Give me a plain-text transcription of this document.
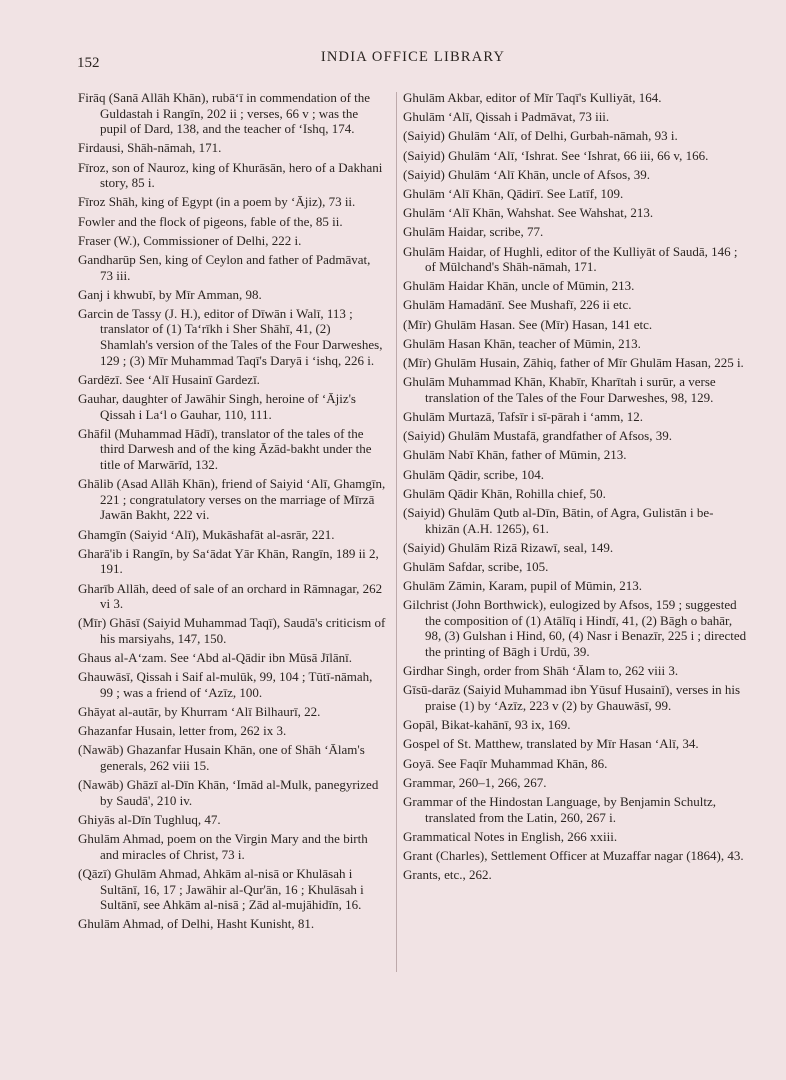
152	INDIA OFFICE LIBRARY

Firāq (Sanā Allāh Khān), rubā‘ī in commendation of the Guldastah i Rangīn, 202 ii ; verses, 66 v ; was the pupil of Dard, 138, and the teacher of ‘Ishq, 174.

Firdausi, Shāh-nāmah, 171.

Fīroz, son of Nauroz, king of Khurāsān, hero of a Dakhani story, 85 i.

Fīroz Shāh, king of Egypt (in a poem by ‘Ājiz), 73 ii.

Fowler and the flock of pigeons, fable of the, 85 ii.

Fraser (W.), Commissioner of Delhi, 222 i.

Gandharūp Sen, king of Ceylon and father of Padmāvat, 73 iii.

Ganj i khwubī, by Mīr Amman, 98.

Garcin de Tassy (J. H.), editor of Dīwān i Walī, 113 ; translator of (1) Ta‘rīkh i Sher Shāhī, 41, (2) Shamlah's version of the Tales of the Four Darweshes, 129 ; (3) Mīr Muhammad Taqī's Daryā i ‘ishq, 226 i.

Gardēzī. See ‘Alī Husainī Gardezī.

Gauhar, daughter of Jawāhir Singh, heroine of ‘Ājiz's Qissah i La‘l o Gauhar, 110, 111.

Ghāfil (Muhammad Hādī), translator of the tales of the third Darwesh and of the king Āzād-bakht under the title of Marwārīd, 132.

Ghālib (Asad Allāh Khān), friend of Saiyid ‘Alī, Ghamgīn, 221 ; congratulatory verses on the marriage of Mīrzā Jawān Bakht, 222 vi.

Ghamgīn (Saiyid ‘Alī), Mukāshafāt al-asrār, 221.

Gharā'ib i Rangīn, by Sa‘ādat Yār Khān, Rangīn, 189 ii 2, 191.

Gharīb Allāh, deed of sale of an orchard in Rāmnagar, 262 vi 3.

(Mīr) Ghāsī (Saiyid Muhammad Taqī), Saudā's criticism of his marsiyahs, 147, 150.

Ghaus al-A‘zam. See ‘Abd al-Qādir ibn Mūsā Jīlānī.

Ghauwāsī, Qissah i Saif al-mulūk, 99, 104 ; Tūtī-nāmah, 99 ; was a friend of ‘Azīz, 100.

Ghāyat al-autār, by Khurram ‘Alī Bilhaurī, 22.

Ghazanfar Husain, letter from, 262 ix 3.

(Nawāb) Ghazanfar Husain Khān, one of Shāh ‘Ālam's generals, 262 viii 15.

(Nawāb) Ghāzī al-Dīn Khān, ‘Imād al-Mulk, panegyrized by Saudā', 210 iv.

Ghiyās al-Dīn Tughluq, 47.

Ghulām Ahmad, poem on the Virgin Mary and the birth and miracles of Christ, 73 i.

(Qāzī) Ghulām Ahmad, Ahkām al-nisā or Khulāsah i Sultānī, 16, 17 ; Jawāhir al-Qur'ān, 16 ; Khulāsah i Sultānī, see Ahkām al-nisā ; Zād al-mujāhidīn, 16.

Ghulām Ahmad, of Delhi, Hasht Kunisht, 81.

Ghulām Akbar, editor of Mīr Taqī's Kulliyāt, 164.

Ghulām ‘Alī, Qissah i Padmāvat, 73 iii.

(Saiyid) Ghulām ‘Alī, of Delhi, Gurbah-nāmah, 93 i.

(Saiyid) Ghulām ‘Alī, ‘Ishrat. See ‘Ishrat, 66 iii, 66 v, 166.

(Saiyid) Ghulām ‘Alī Khān, uncle of Afsos, 39.

Ghulām ‘Alī Khān, Qādirī. See Latīf, 109.

Ghulām ‘Alī Khān, Wahshat. See Wahshat, 213.

Ghulām Haidar, scribe, 77.

Ghulām Haidar, of Hughli, editor of the Kulliyāt of Saudā, 146 ; of Mūlchand's Shāh-nāmah, 171.

Ghulām Haidar Khān, uncle of Mūmin, 213.

Ghulām Hamadānī. See Mushafī, 226 ii etc.

(Mīr) Ghulām Hasan. See (Mīr) Hasan, 141 etc.

Ghulām Hasan Khān, teacher of Mūmin, 213.

(Mīr) Ghulām Husain, Zāhiq, father of Mīr Ghulām Hasan, 225 i.

Ghulām Muhammad Khān, Khabīr, Kharītah i surūr, a verse translation of the Tales of the Four Darweshes, 98, 129.

Ghulām Murtazā, Tafsīr i sī-pārah i ‘amm, 12.

(Saiyid) Ghulām Mustafā, grandfather of Afsos, 39.

Ghulām Nabī Khān, father of Mūmin, 213.

Ghulām Qādir, scribe, 104.

Ghulām Qādir Khān, Rohilla chief, 50.

(Saiyid) Ghulām Qutb al-Dīn, Bātin, of Agra, Gulistān i be-khizān (A.H. 1265), 61.

(Saiyid) Ghulām Rizā Rizawī, seal, 149.

Ghulām Safdar, scribe, 105.

Ghulām Zāmin, Karam, pupil of Mūmin, 213.

Gilchrist (John Borthwick), eulogized by Afsos, 159 ; suggested the composition of (1) Atālīq i Hindī, 41, (2) Bāgh o bahār, 98, (3) Gulshan i Hind, 60, (4) Nasr i Benazīr, 225 i ; directed the printing of Bāgh i Urdū, 39.

Girdhar Singh, order from Shāh ‘Ālam to, 262 viii 3.

Gīsū-darāz (Saiyid Muhammad ibn Yūsuf Husainī), verses in his praise (1) by ‘Azīz, 223 v (2) by Ghauwāsī, 99.

Gopāl, Bikat-kahānī, 93 ix, 169.

Gospel of St. Matthew, translated by Mīr Hasan ‘Alī, 34.

Goyā. See Faqīr Muhammad Khān, 86.

Grammar, 260–1, 266, 267.

Grammar of the Hindostan Language, by Benjamin Schultz, translated from the Latin, 260, 267 i.

Grammatical Notes in English, 266 xxiii.

Grant (Charles), Settlement Officer at Muzaffar nagar (1864), 43.

Grants, etc., 262.
